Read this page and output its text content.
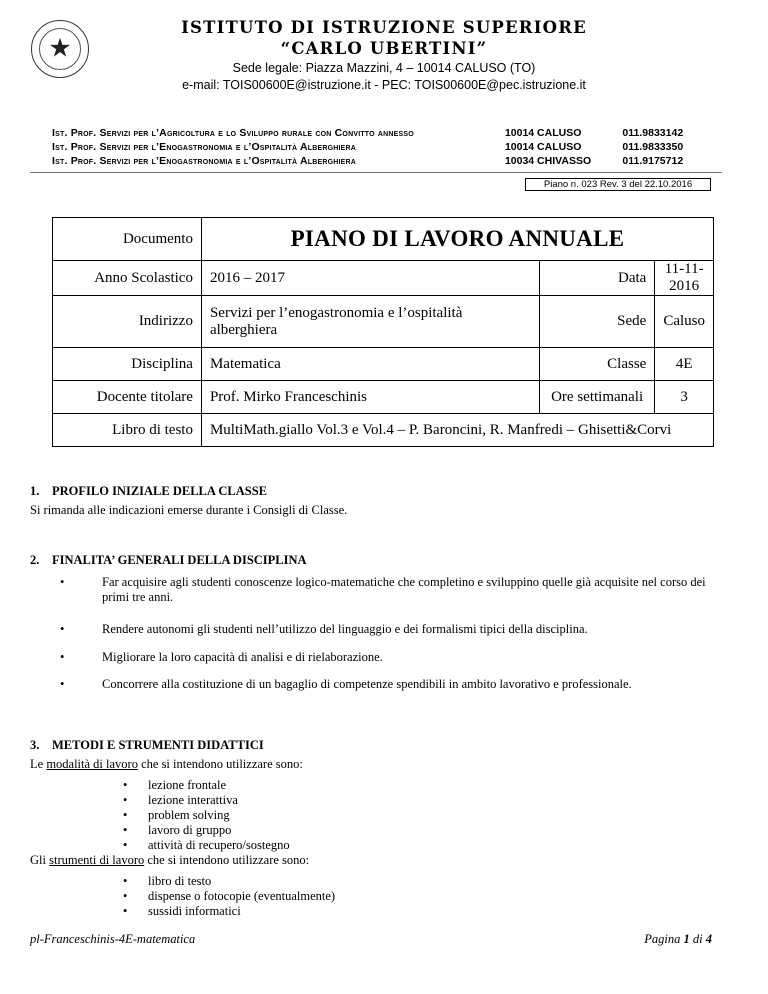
★
ISTITUTO DI ISTRUZIONE SUPERIORE
“CARLO UBERTINI”
Sede legale: Piazza Mazzini, 4 – 10014 CALUSO (TO)
e-mail: TOIS00600E@istruzione.it - PEC: TOIS00600E@pec.istruzione.it
Ist. Prof. Servizi per l’Agricoltura e lo Sviluppo rurale con Convitto annesso	10014 CALUSO	011.9833142
Ist. Prof. Servizi per l’Enogastronomia e l’Ospitalità Alberghiera	10014 CALUSO	011.9833350
Ist. Prof. Servizi per l’Enogastronomia e l’Ospitalità Alberghiera	10034 CHIVASSO	011.9175712
Piano n. 023 Rev. 3 del 22.10.2016
Documento	PIANO DI LAVORO ANNUALE		
Anno Scolastico	2016 – 2017	Data	11-11-2016
Indirizzo	Servizi per l’enogastronomia e l’ospitalità alberghiera	Sede	Caluso
Disciplina	Matematica	Classe	4E
Docente titolare	Prof. Mirko Franceschinis	Ore settimanali	3
Libro di testo	MultiMath.giallo Vol.3 e Vol.4 – P. Baroncini, R. Manfredi – Ghisetti&Corvi		
1. PROFILO INIZIALE DELLA CLASSE
Si rimanda alle indicazioni emerse durante i Consigli di Classe.
2. FINALITA’ GENERALI DELLA DISCIPLINA
• Far acquisire agli studenti conoscenze logico-matematiche che completino e sviluppino quelle già acquisite nel corso dei primi tre anni.
• Rendere autonomi gli studenti nell’utilizzo del linguaggio e dei formalismi tipici della disciplina.
• Migliorare la loro capacità di analisi e di rielaborazione.
• Concorrere alla costituzione di un bagaglio di competenze spendibili in ambito lavorativo e professionale.
3. METODI E STRUMENTI DIDATTICI
Le modalità di lavoro che si intendono utilizzare sono:
• lezione frontale
• lezione interattiva
• problem solving
• lavoro di gruppo
• attività di recupero/sostegno
Gli strumenti di lavoro che si intendono utilizzare sono:
• libro di testo
• dispense o fotocopie (eventualmente)
• sussidi informatici
pl-Franceschinis-4E-matematica	Pagina 1 di 4
